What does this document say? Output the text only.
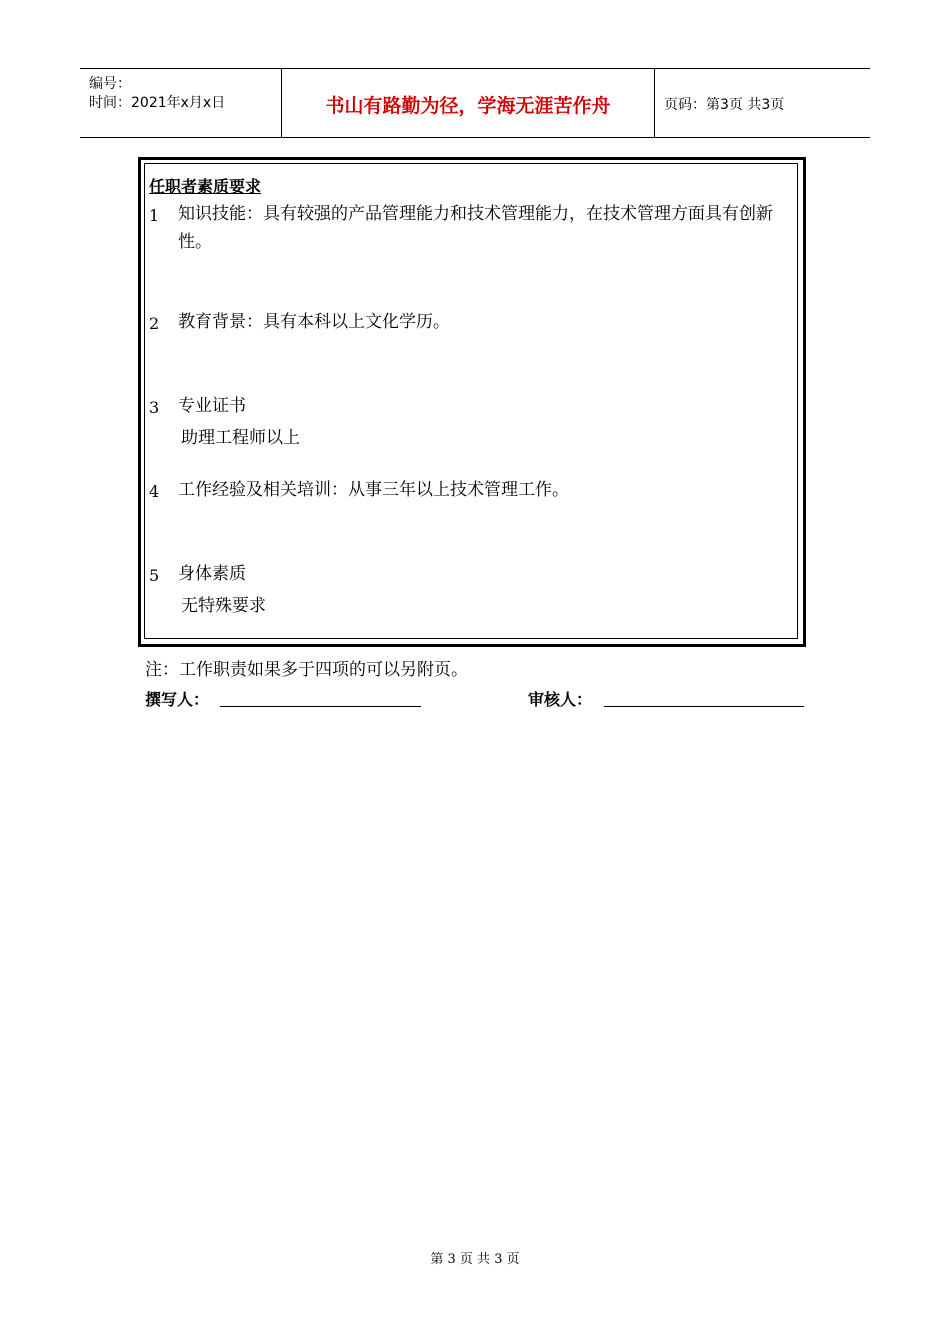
编号：
时间：2021年x月x日	书山有路勤为径，学海无涯苦作舟	页码：第3页 共3页
任职者素质要求
1 知识技能：具有较强的产品管理能力和技术管理能力，在技术管理方面具有创新性。
2 教育背景：具有本科以上文化学历。
3 专业证书
助理工程师以上
4 工作经验及相关培训：从事三年以上技术管理工作。
5 身体素质
无特殊要求
注：工作职责如果多于四项的可以另附页。
撰写人：	审核人：
第 3 页 共 3 页
